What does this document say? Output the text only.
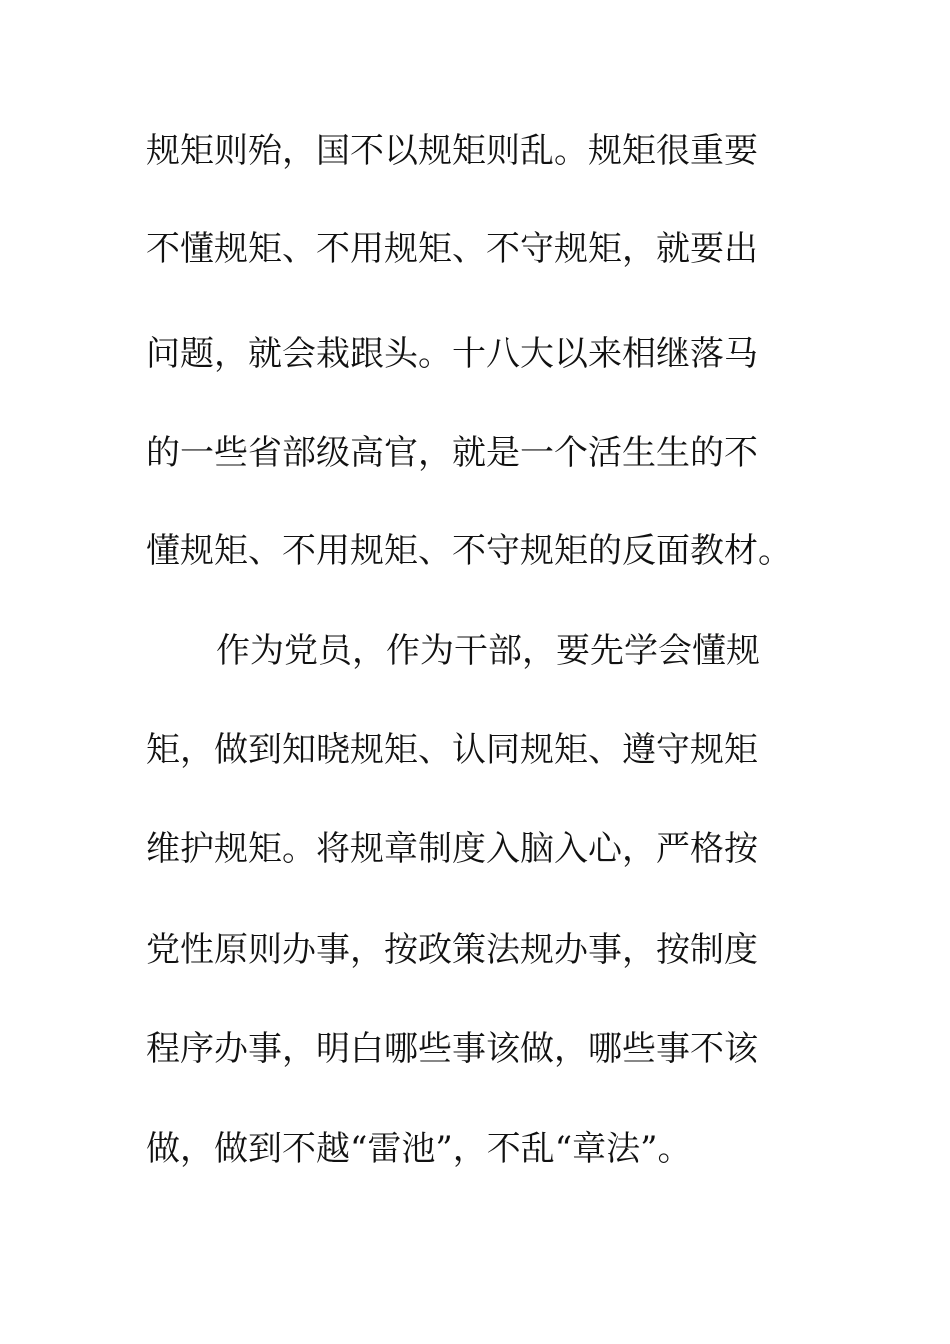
规矩则殆，国不以规矩则乱。规矩很重要
不懂规矩、不用规矩、不守规矩，就要出
问题，就会栽跟头。十八大以来相继落马
的一些省部级高官，就是一个活生生的不
懂规矩、不用规矩、不守规矩的反面教材。
作为党员，作为干部，要先学会懂规
矩，做到知晓规矩、认同规矩、遵守规矩
维护规矩。将规章制度入脑入心，严格按
党性原则办事，按政策法规办事，按制度
程序办事，明白哪些事该做，哪些事不该
做，做到不越“雷池”，不乱“章法”。
